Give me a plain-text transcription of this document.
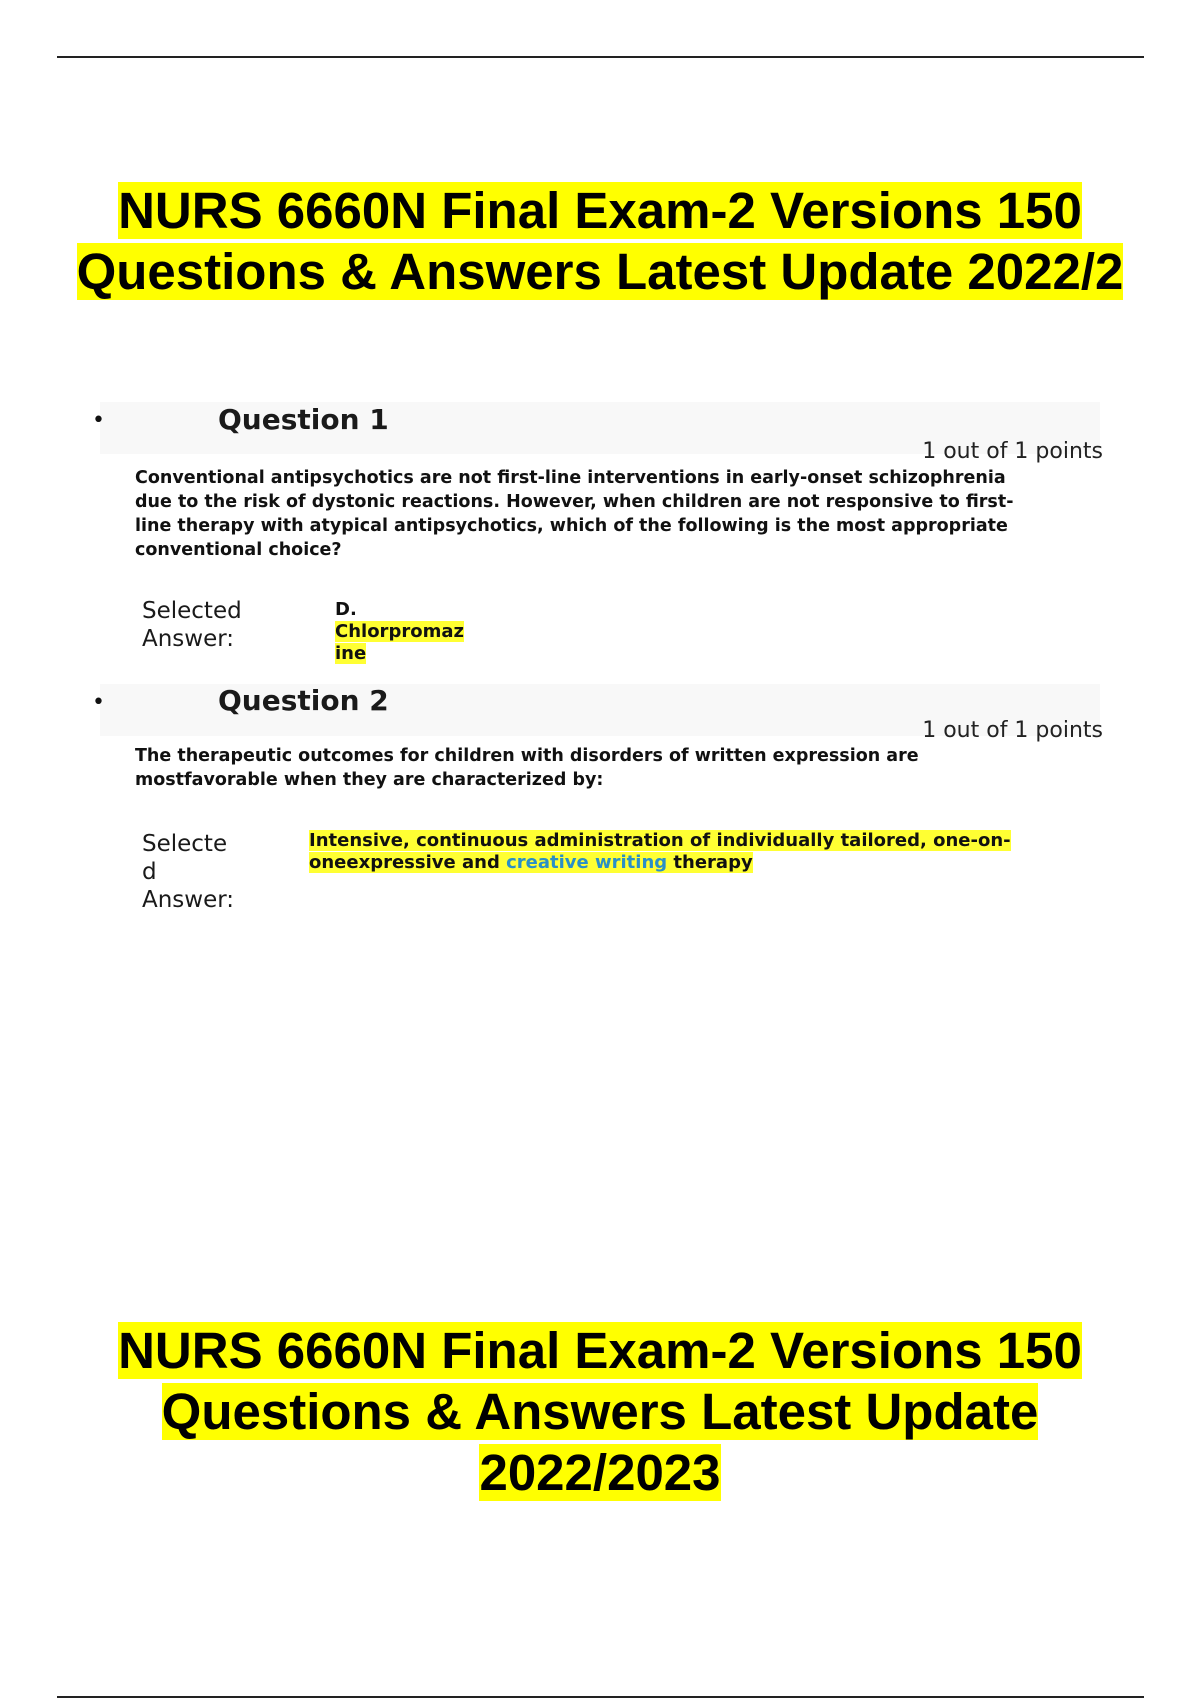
NURS 6660N Final Exam-2 Versions 150
Questions & Answers Latest Update 2022/2
•	Question 1
1 out of 1 points
Conventional antipsychotics are not first-line interventions in early-onset schizophrenia due to the risk of dystonic reactions. However, when children are not responsive to first-line therapy with atypical antipsychotics, which of the following is the most appropriate conventional choice?
Selected
Answer:
D.
Chlorpromaz
ine
•	Question 2
1 out of 1 points
The therapeutic outcomes for children with disorders of written expression are mostfavorable when they are characterized by:
Selecte
d
Answer:
Intensive, continuous administration of individually tailored, one-on-
oneexpressive and creative writing therapy
NURS 6660N Final Exam-2 Versions 150
Questions & Answers Latest Update
2022/2023
